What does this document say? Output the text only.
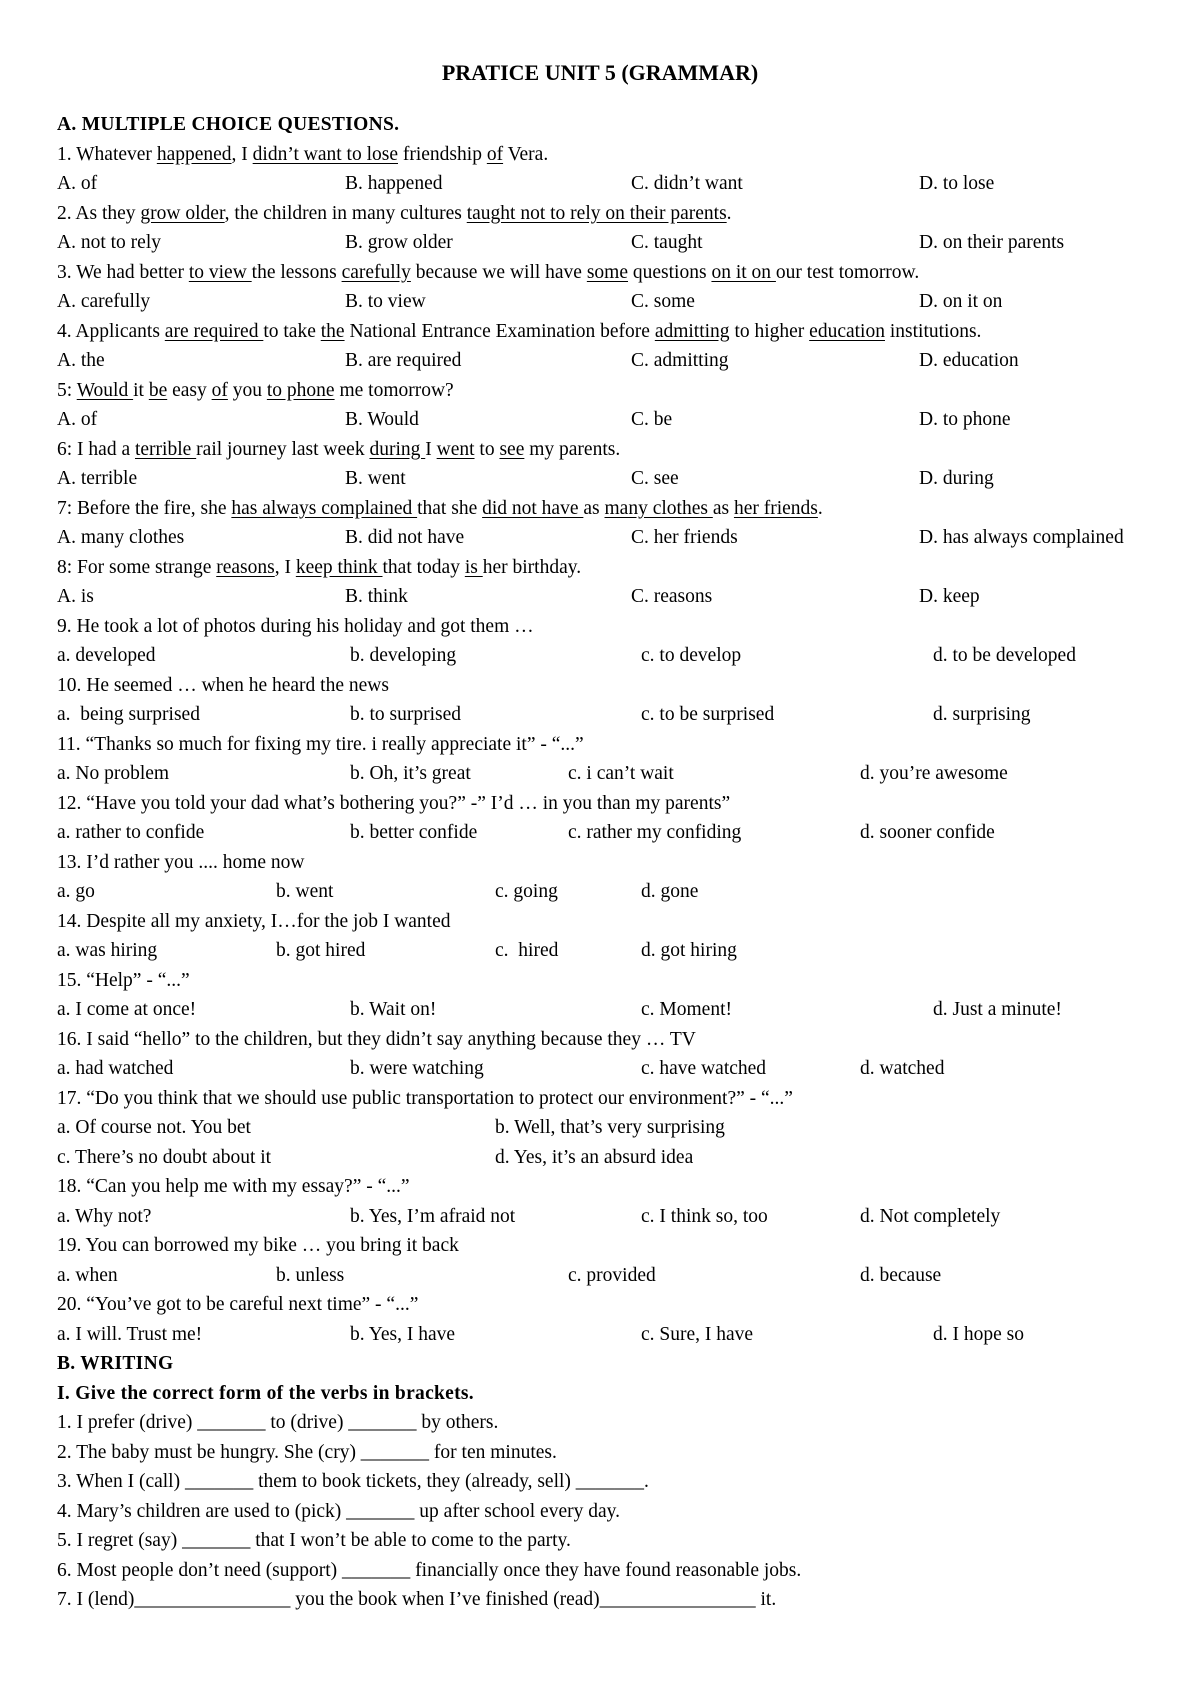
PRATICE UNIT 5 (GRAMMAR)
A. MULTIPLE CHOICE QUESTIONS.
1. Whatever happened, I didn’t want to lose friendship of Vera.
A. of	B. happened	C. didn’t want	D. to lose
2. As they grow older, the children in many cultures taught not to rely on their parents.
A. not to rely	B. grow older	C. taught	D. on their parents
3. We had better to view the lessons carefully because we will have some questions on it on our test tomorrow.
A. carefully	B. to view	C. some	D. on it on
4. Applicants are required to take the National Entrance Examination before admitting to higher education institutions.
A. the	B. are required	C. admitting	D. education
5: Would it be easy of you to phone me tomorrow?
A. of	B. Would	C. be	D. to phone
6: I had a terrible rail journey last week during I went to see my parents.
A. terrible	B. went	C. see	D. during
7: Before the fire, she has always complained that she did not have as many clothes as her friends.
A. many clothes	B. did not have	C. her friends	D. has always complained
8: For some strange reasons, I keep think that today is her birthday.
A. is	B. think	C. reasons	D. keep
9. He took a lot of photos during his holiday and got them …
a. developed	b. developing	c. to develop	d. to be developed
10. He seemed … when he heard the news
a.  being surprised	b. to surprised	c. to be surprised	d. surprising
11. “Thanks so much for fixing my tire. i really appreciate it” - “...”
a. No problem	b. Oh, it’s great	c. i can’t wait	d. you’re awesome
12. “Have you told your dad what’s bothering you?” -” I’d … in you than my parents”
a. rather to confide	b. better confide	c. rather my confiding	d. sooner confide
13. I’d rather you .... home now
a. go	b. went	c. going	d. gone
14. Despite all my anxiety, I…for the job I wanted
a. was hiring	b. got hired	c.  hired	d. got hiring
15. “Help” - “...”
a. I come at once!	b. Wait on!	c. Moment!	d. Just a minute!
16. I said “hello” to the children, but they didn’t say anything because they … TV
a. had watched	b. were watching	c. have watched	d. watched
17. “Do you think that we should use public transportation to protect our environment?” - “...”
a. Of course not. You bet	b. Well, that’s very surprising
c. There’s no doubt about it	d. Yes, it’s an absurd idea
18. “Can you help me with my essay?” - “...”
a. Why not?	b. Yes, I’m afraid not	c. I think so, too	d. Not completely
19. You can borrowed my bike … you bring it back
a. when	b. unless	c. provided	d. because
20. “You’ve got to be careful next time” - “...”
a. I will. Trust me!	b. Yes, I have	c. Sure, I have	d. I hope so
B. WRITING
I. Give the correct form of the verbs in brackets.
1. I prefer (drive) _______ to (drive) _______ by others.
2. The baby must be hungry. She (cry) _______ for ten minutes.
3. When I (call) _______ them to book tickets, they (already, sell) _______.
4. Mary’s children are used to (pick) _______ up after school every day.
5. I regret (say) _______ that I won’t be able to come to the party.
6. Most people don’t need (support) _______ financially once they have found reasonable jobs.
7. I (lend)________________ you the book when I’ve finished (read)________________ it.
